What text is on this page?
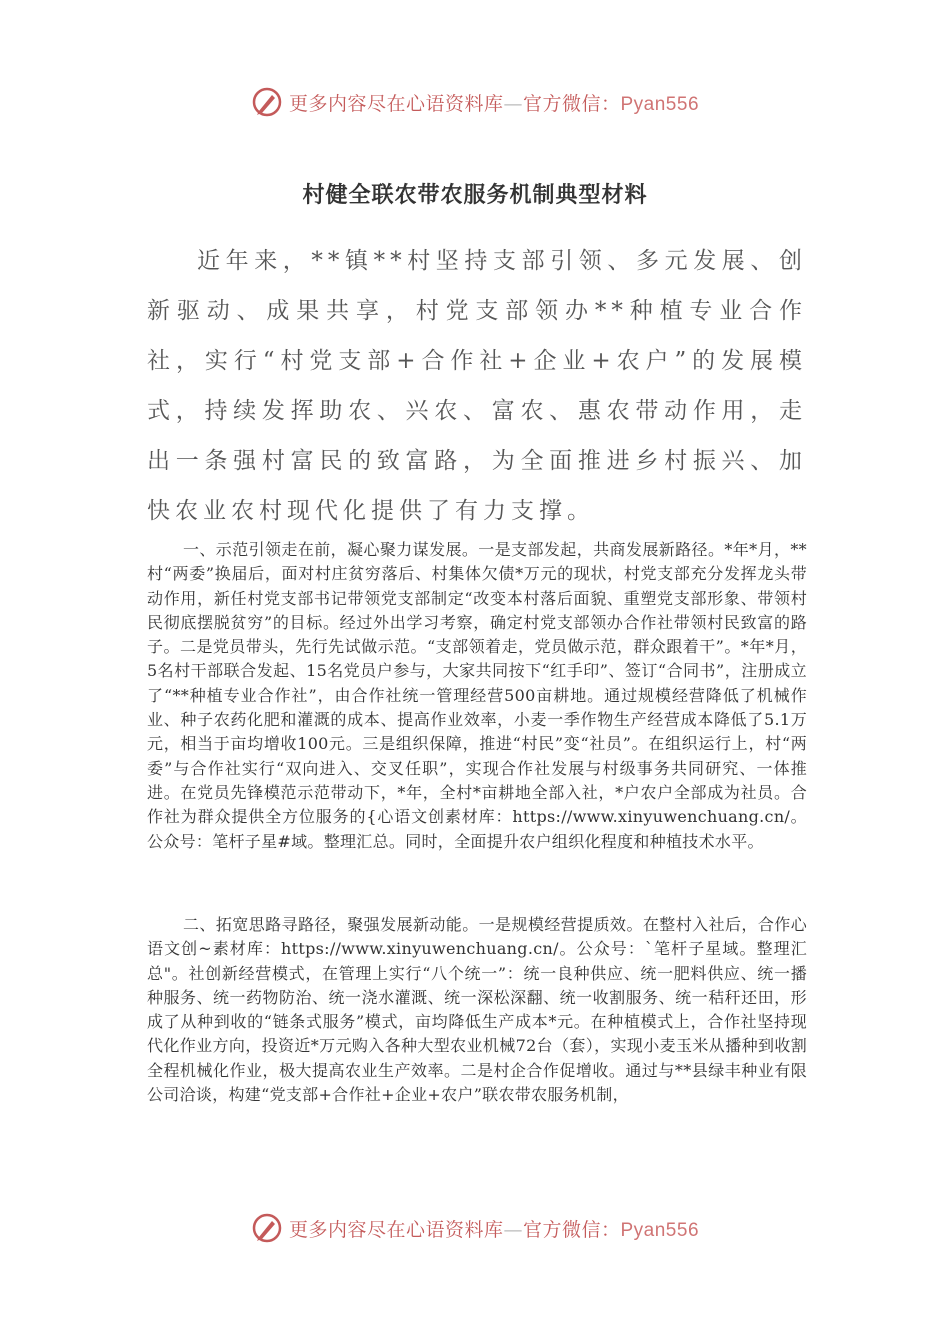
更多内容尽在心语资料库—官方微信：Pyan556
村健全联农带农服务机制典型材料

近年来，**镇**村坚持支部引领、多元发展、创新驱动、成果共享，村党支部领办**种植专业合作社，实行“村党支部+合作社+企业+农户”的发展模式，持续发挥助农、兴农、富农、惠农带动作用，走出一条强村富民的致富路，为全面推进乡村振兴、加快农业农村现代化提供了有力支撑。

一、示范引领走在前，凝心聚力谋发展。一是支部发起，共商发展新路径。*年*月，**村“两委”换届后，面对村庄贫穷落后、村集体欠债*万元的现状，村党支部充分发挥龙头带动作用，新任村党支部书记带领党支部制定“改变本村落后面貌、重塑党支部形象、带领村民彻底摆脱贫穷”的目标。经过外出学习考察，确定村党支部领办合作社带领村民致富的路子。二是党员带头，先行先试做示范。“支部领着走，党员做示范，群众跟着干”。*年*月，5名村干部联合发起、15名党员户参与，大家共同按下“红手印”、签订“合同书”，注册成立了“**种植专业合作社”，由合作社统一管理经营500亩耕地。通过规模经营降低了机械作业、种子农药化肥和灌溉的成本、提高作业效率，小麦一季作物生产经营成本降低了5.1万元，相当于亩均增收100元。三是组织保障，推进“村民”变“社员”。在组织运行上，村“两委”与合作社实行“双向进入、交叉任职”，实现合作社发展与村级事务共同研究、一体推进。在党员先锋模范示范带动下，*年，全村*亩耕地全部入社，*户农户全部成为社员。合作社为群众提供全方位服务的{心语文创素材库：https://www.xinyuwenchuang.cn/。公众号：笔杆子星#域。整理汇总。同时，全面提升农户组织化程度和种植技术水平。

二、拓宽思路寻路径，聚强发展新动能。一是规模经营提质效。在整村入社后，合作心语文创~素材库：https://www.xinyuwenchuang.cn/。公众号：`笔杆子星域。整理汇总"。社创新经营模式，在管理上实行“八个统一”：统一良种供应、统一肥料供应、统一播种服务、统一药物防治、统一浇水灌溉、统一深松深翻、统一收割服务、统一秸秆还田，形成了从种到收的“链条式服务”模式，亩均降低生产成本*元。在种植模式上，合作社坚持现代化作业方向，投资近*万元购入各种大型农业机械72台（套），实现小麦玉米从播种到收割全程机械化作业，极大提高农业生产效率。二是村企合作促增收。通过与**县绿丰种业有限公司洽谈，构建“党支部+合作社+企业+农户”联农带农服务机制，

更多内容尽在心语资料库—官方微信：Pyan556
